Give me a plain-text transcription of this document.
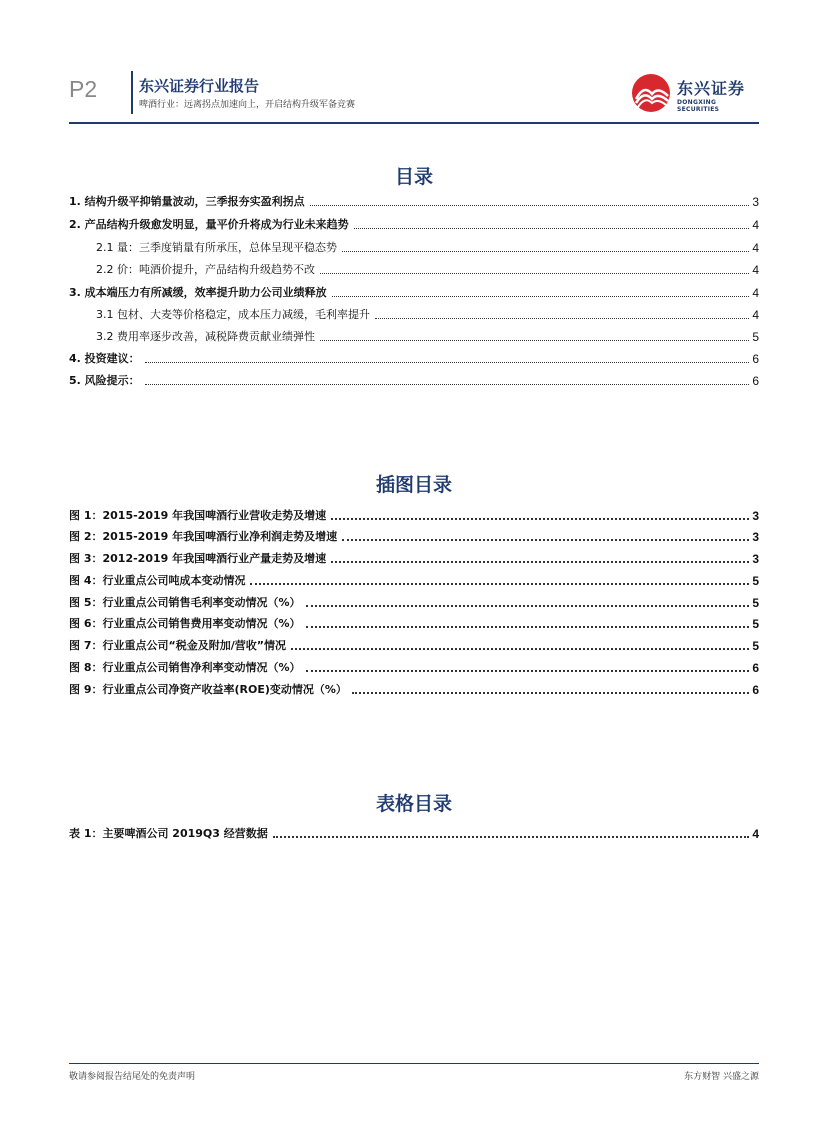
P2	东兴证券行业报告
啤酒行业：远离拐点加速向上，开启结构升级军备竞赛
东兴证券
DONGXING SECURITIES
目录
1. 结构升级平抑销量波动，三季报夯实盈利拐点	3
2. 产品结构升级愈发明显，量平价升将成为行业未来趋势	4
2.1 量：三季度销量有所承压，总体呈现平稳态势	4
2.2 价：吨酒价提升，产品结构升级趋势不改	4
3. 成本端压力有所减缓，效率提升助力公司业绩释放	4
3.1 包材、大麦等价格稳定，成本压力减缓，毛利率提升	4
3.2 费用率逐步改善，减税降费贡献业绩弹性	5
4. 投资建议：	6
5. 风险提示：	6
插图目录
图 1：2015-2019 年我国啤酒行业营收走势及增速	3
图 2：2015-2019 年我国啤酒行业净利润走势及增速	3
图 3：2012-2019 年我国啤酒行业产量走势及增速	3
图 4：行业重点公司吨成本变动情况	5
图 5：行业重点公司销售毛利率变动情况（%）	5
图 6：行业重点公司销售费用率变动情况（%）	5
图 7：行业重点公司“税金及附加/营收”情况	5
图 8：行业重点公司销售净利率变动情况（%）	6
图 9：行业重点公司净资产收益率(ROE)变动情况（%）	6
表格目录
表 1：主要啤酒公司 2019Q3 经营数据	4
敬请参阅报告结尾处的免责声明	东方财智 兴盛之源
